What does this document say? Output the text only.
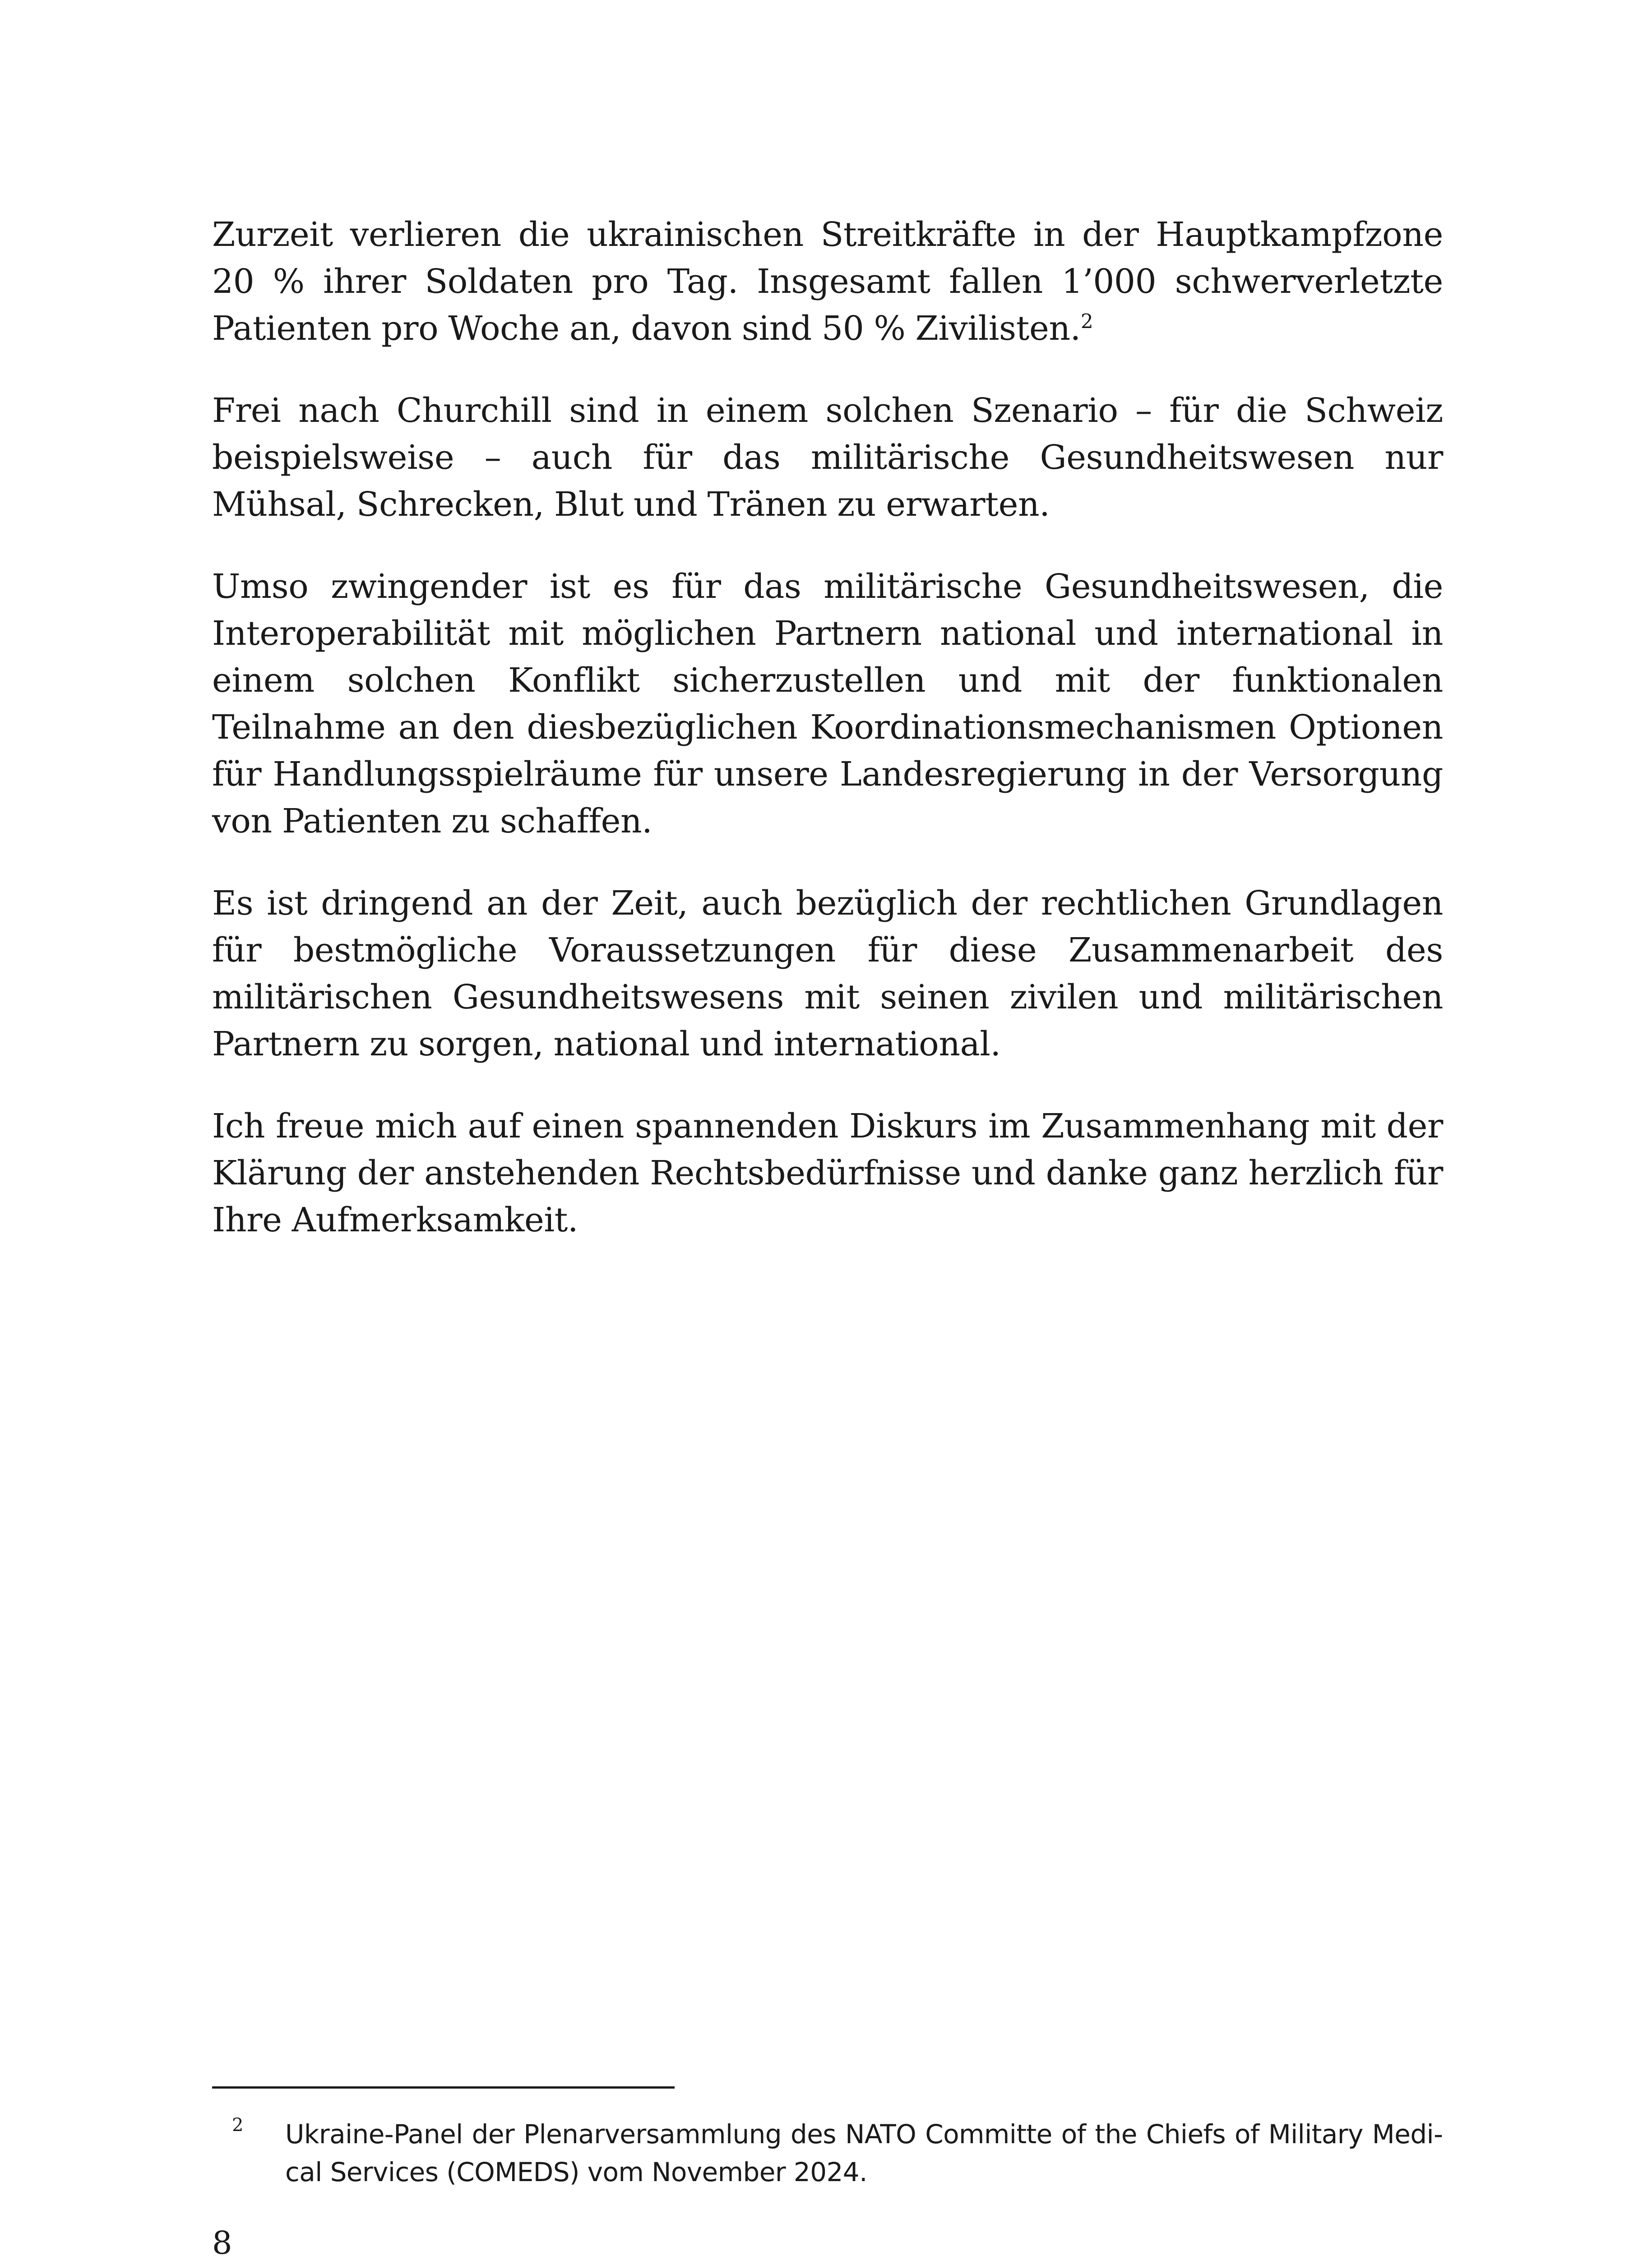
Zurzeit verlieren die ukrainischen Streitkräfte in der Hauptkampfzone 20 % ihrer Soldaten pro Tag. Insgesamt fallen 1’000 schwerverletzte Patienten pro Woche an, davon sind 50 % Zivilisten.$^2$

Frei nach Churchill sind in einem solchen Szenario – für die Schweiz beispielsweise – auch für das militärische Gesundheitswesen nur Mühsal, Schrecken, Blut und Tränen zu erwarten.

Umso zwingender ist es für das militärische Gesundheitswesen, die Interoperabilität mit möglichen Partnern national und international in einem solchen Konflikt sicherzustellen und mit der funktionalen Teilnahme an den diesbezüglichen Koordinationsmechanismen Optionen für Handlungsspielräume für unsere Landesregierung in der Versorgung von Patienten zu schaffen.

Es ist dringend an der Zeit, auch bezüglich der rechtlichen Grundlagen für bestmögliche Voraussetzungen für diese Zusammenarbeit des militärischen Gesundheitswesens mit seinen zivilen und militärischen Partnern zu sorgen, national und international.

Ich freue mich auf einen spannenden Diskurs im Zusammenhang mit der Klärung der anstehenden Rechtsbedürfnisse und danke ganz herzlich für Ihre Aufmerksamkeit.

2 Ukraine-Panel der Plenarversammlung des NATO Committe of the Chiefs of Military Medical Services (COMEDS) vom November 2024.
8
